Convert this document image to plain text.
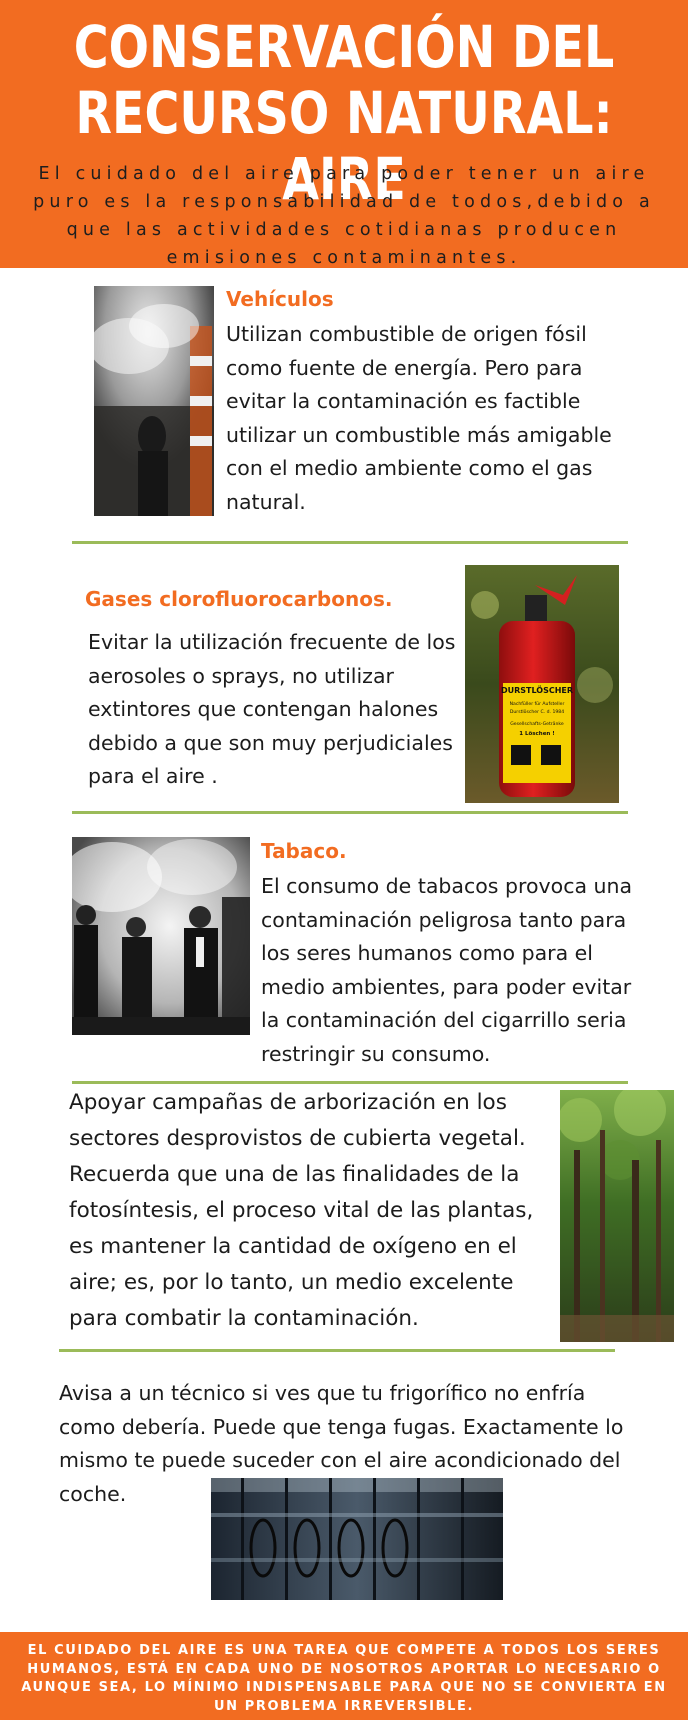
CONSERVACIÓN DEL
RECURSO NATURAL: AIRE

El cuidado del aire para poder tener un aire puro es la responsabilidad de todos,debido a que las actividades cotidianas producen emisiones contaminantes.

Vehículos

Utilizan combustible de origen fósil como fuente de energía. Pero para evitar la contaminación es factible utilizar un combustible más amigable con el medio ambiente como el gas natural.

Gases clorofluorocarbonos.

Evitar la utilización frecuente de los aerosoles o sprays, no utilizar extintores que contengan halones debido a que son muy perjudiciales para el aire .

DURSTLÖSCHER
Nachfüller für Aufsteller
Durstlöscher C. d. 1984
Gesellschafts-Getränke
1 Löschen !
Tabaco.

El consumo de tabacos provoca una contaminación peligrosa tanto para los seres humanos como para el medio ambientes, para poder evitar la contaminación del cigarrillo seria restringir su consumo.

Apoyar campañas de arborización en los sectores desprovistos de cubierta vegetal. Recuerda que una de las finalidades de la fotosíntesis, el proceso vital de las plantas, es mantener la cantidad de oxígeno en el aire; es, por lo tanto, un medio excelente para combatir la contaminación.

Avisa a un técnico si ves que tu frigorífico no enfría como debería. Puede que tenga fugas. Exactamente lo mismo te puede suceder con el aire acondicionado del coche.

EL CUIDADO DEL AIRE ES UNA TAREA QUE COMPETE A TODOS LOS SERES HUMANOS, ESTÁ EN CADA UNO DE NOSOTROS APORTAR LO NECESARIO O AUNQUE SEA, LO MÍNIMO INDISPENSABLE PARA QUE NO SE CONVIERTA EN UN PROBLEMA IRREVERSIBLE.
